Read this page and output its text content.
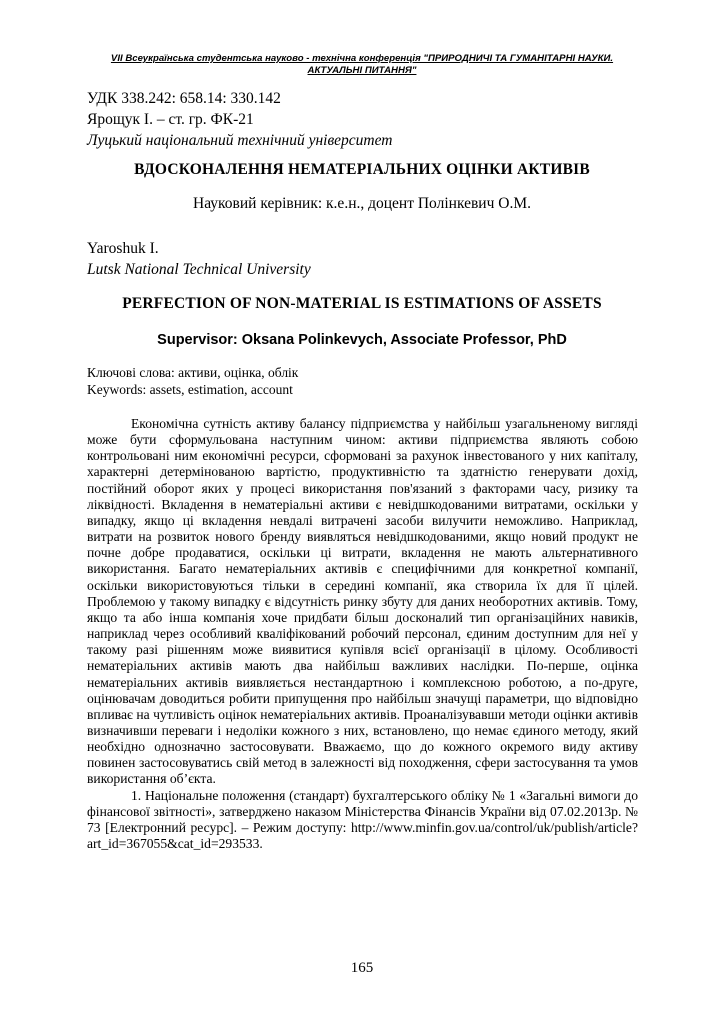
VII Всеукраїнська студентська науково - технічна конференція "ПРИРОДНИЧІ ТА ГУМАНІТАРНІ НАУКИ.
АКТУАЛЬНІ ПИТАННЯ"
УДК 338.242: 658.14: 330.142
Ярощук І. – ст. гр. ФК-21
Луцький національний технічний університет
ВДОСКОНАЛЕННЯ НЕМАТЕРІАЛЬНИХ ОЦІНКИ АКТИВІВ
Науковий керівник: к.е.н., доцент Полінкевич О.М.
Yaroshuk I.
Lutsk National Technical University
PERFECTION OF NON-MATERIAL IS ESTIMATIONS OF ASSETS
Supervisor: Oksana Polinkevych, Associate Professor, PhD
Ключові слова: активи, оцінка, облік
Keywords: assets, estimation, account

Економічна сутність активу балансу підприємства у найбільш узагальненому вигляді може бути сформульована наступним чином: активи підприємства являють собою контрольовані ним економічні ресурси, сформовані за рахунок інвестованого у них капіталу, характерні детермінованою вартістю, продуктивністю та здатністю генерувати дохід, постійний оборот яких у процесі використання пов'язаний з факторами часу, ризику та ліквідності. Вкладення в нематеріальні активи є невідшкодованими витратами, оскільки у випадку, якщо ці вкладення невдалі витрачені засоби вилучити неможливо. Наприклад, витрати на розвиток нового бренду виявляться невідшкодованими, якщо новий продукт не почне добре продаватися, оскільки ці витрати, вкладення не мають альтернативного використання. Багато нематеріальних активів є специфічними для конкретної компанії, оскільки використовуються тільки в середині компанії, яка створила їх для її цілей. Проблемою у такому випадку є відсутність ринку збуту для даних необоротних активів. Тому, якщо та або інша компанія хоче придбати більш досконалий тип організаційних навиків, наприклад через особливий кваліфікований робочий персонал, єдиним доступним для неї у такому разі рішенням може виявитися купівля всієї організації в цілому. Особливості нематеріальних активів мають два найбільш важливих наслідки. По-перше, оцінка нематеріальних активів виявляється нестандартною і комплексною роботою, а по-друге, оцінювачам доводиться робити припущення про найбільш значущі параметри, що відповідно впливає на чутливість оцінок нематеріальних активів. Проаналізувавши методи оцінки активів визначивши переваги і недоліки кожного з них, встановлено, що немає єдиного методу, який необхідно однозначно застосовувати. Вважаємо, що до кожного окремого виду активу повинен застосовуватись свій метод в залежності від походження, сфери застосування та умов використання об’єкта.

1. Національне положення (стандарт) бухгалтерського обліку № 1 «Загальні вимоги до фінансової звітності», затверджено наказом Міністерства Фінансів України від 07.02.2013р. № 73 [Електронний ресурс]. – Режим доступу: http://www.minfin.gov.ua/control/uk/publish/article?art_id=367055&cat_id=293533.

165
